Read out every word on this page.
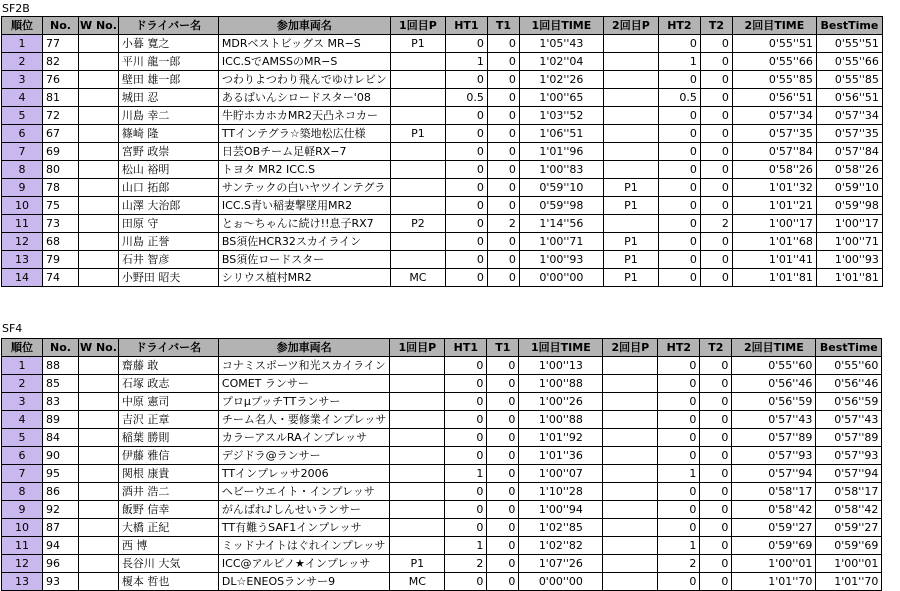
SF2B
順位	No.	W No.	ドライバー名	参加車両名	1回目P	HT1	T1	1回目TIME	2回目P	HT2	T2	2回目TIME	BestTime
1	77		小暮 寛之	MDRベストビッグス MR−S	P1	0	0	1'05''43		0	0	0'55''51	0'55''51
2	82		平川 龍一郎	ICC.SでAMSSのMR−S		1	0	1'02''04		1	0	0'55''66	0'55''66
3	76		壁田 雄一郎	つわりよつわり飛んでゆけレビン		0	0	1'02''26		0	0	0'55''85	0'55''85
4	81		城田 忍	あるばいんシロードスター'08		0.5	0	1'00''65		0.5	0	0'56''51	0'56''51
5	72		川島 幸二	牛貯ホカホカMR2天凸ネコカー		0	0	1'03''52		0	0	0'57''34	0'57''34
6	67		篠崎 隆	TTインテグラ☆築地松広仕様	P1	0	0	1'06''51		0	0	0'57''35	0'57''35
7	69		宮野 政崇	日芸OBチーム足軽RX−7		0	0	1'01''96		0	0	0'57''84	0'57''84
8	80		松山 裕明	トヨタ MR2 ICC.S		0	0	1'00''83		0	0	0'58''26	0'58''26
9	78		山口 拓郎	サンテックの白いヤツインテグラ		0	0	0'59''10	P1	0	0	1'01''32	0'59''10
10	75		山澤 大治郎	ICC.S青い稲妻撃墜用MR2		0	0	0'59''98	P1	0	0	1'01''21	0'59''98
11	73		田原 守	とぉ〜ちゃんに続け!!息子RX7	P2	0	2	1'14''56		0	2	1'00''17	1'00''17
12	68		川島 正誉	BS須佐HCR32スカイライン		0	0	1'00''71	P1	0	0	1'01''68	1'00''71
13	79		石井 智彦	BS須佐ロードスター		0	0	1'00''93	P1	0	0	1'01''41	1'00''93
14	74		小野田 昭夫	シリウス植村MR2	MC	0	0	0'00''00	P1	0	0	1'01''81	1'01''81
SF4
順位	No.	W No.	ドライバー名	参加車両名	1回目P	HT1	T1	1回目TIME	2回目P	HT2	T2	2回目TIME	BestTime
1	88		齋藤 敢	コナミスポーツ和光スカイライン		0	0	1'00''13		0	0	0'55''60	0'55''60
2	85		石塚 政志	COMET ランサー		0	0	1'00''88		0	0	0'56''46	0'56''46
3	83		中原 憲司	プロμプッチTTランサー		0	0	1'00''26		0	0	0'56''59	0'56''59
4	89		吉沢 正章	チーム名人・要修業インプレッサ		0	0	1'00''88		0	0	0'57''43	0'57''43
5	84		稲葉 勝則	カラーアスルRAインプレッサ		0	0	1'01''92		0	0	0'57''89	0'57''89
6	90		伊藤 雅信	デジドラ@ランサー		0	0	1'01''36		0	0	0'57''93	0'57''93
7	95		関根 康貴	TTインプレッサ2006		1	0	1'00''07		1	0	0'57''94	0'57''94
8	86		酒井 浩二	ヘビーウエイト・インプレッサ		0	0	1'10''28		0	0	0'58''17	0'58''17
9	92		飯野 信幸	がんばれ♪しんせいランサー		0	0	1'00''94		0	0	0'58''42	0'58''42
10	87		大橋 正紀	TT有難うSAF1インプレッサ		0	0	1'02''85		0	0	0'59''27	0'59''27
11	94		西 博	ミッドナイトはぐれインプレッサ		1	0	1'02''82		1	0	0'59''69	0'59''69
12	96		長谷川 大気	ICC@アルピノ★インプレッサ	P1	2	0	1'07''26		2	0	1'00''01	1'00''01
13	93		榎本 哲也	DL☆ENEOSランサー9	MC	0	0	0'00''00		0	0	1'01''70	1'01''70
